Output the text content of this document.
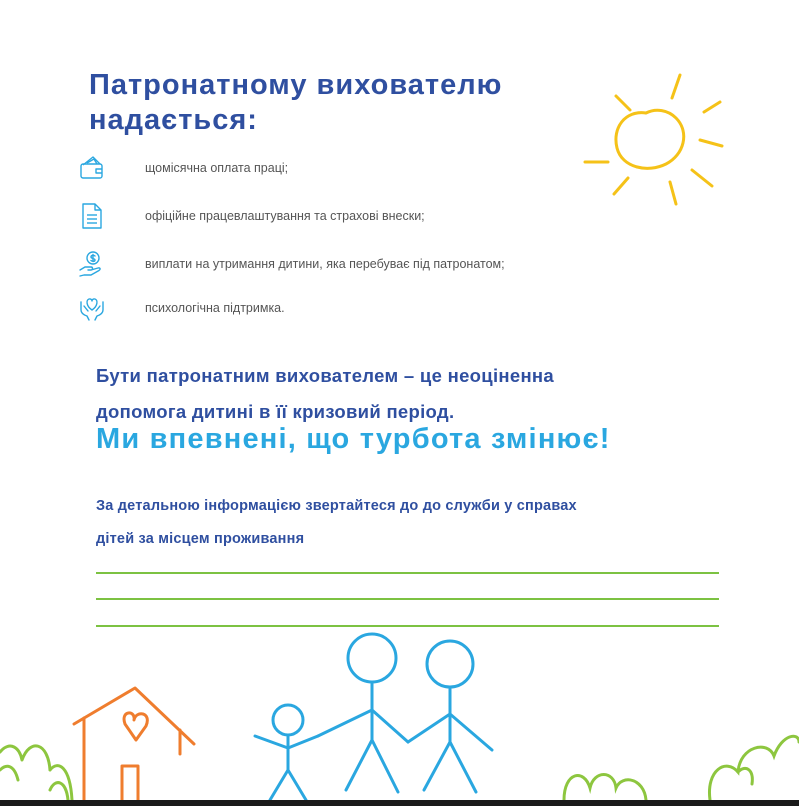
Патронатному вихователю
надається:
щомісячна оплата праці;
офіційне працевлаштування та страхові внески;
виплати на утримання дитини, яка перебуває під патронатом;
психологічна підтримка.
Бути патронатним вихователем – це неоціненна
допомога дитині в її кризовий період.
Ми впевнені, що турбота змінює!
За детальною інформацією звертайтеся до до служби у справах
дітей за місцем проживання
